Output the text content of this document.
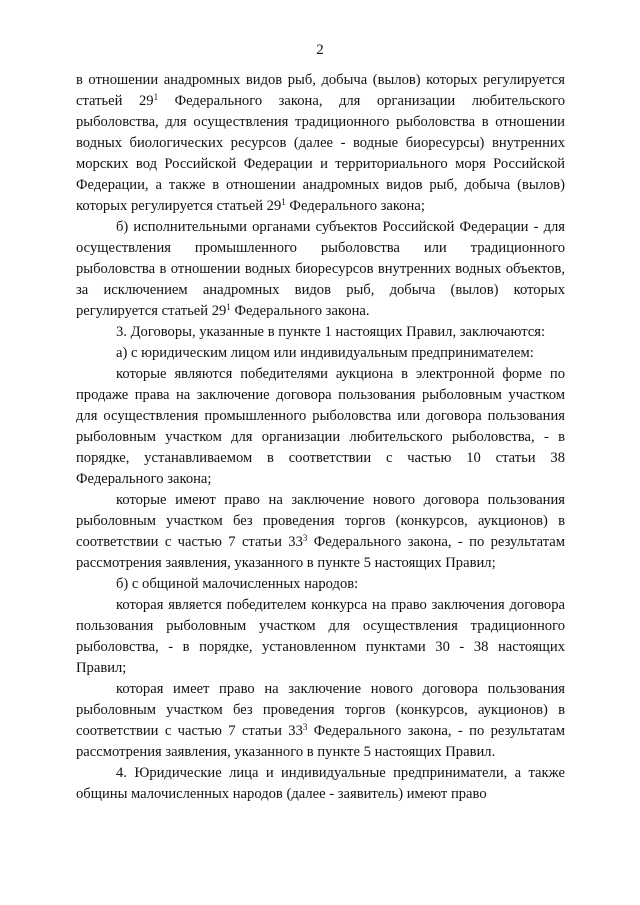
2

в отношении анадромных видов рыб, добыча (вылов) которых регулируется статьей $29^1$ Федерального закона, для организации любительского рыболовства, для осуществления традиционного рыболовства в отношении водных биологических ресурсов (далее - водные биоресурсы) внутренних морских вод Российской Федерации и территориального моря Российской Федерации, а также в отношении анадромных видов рыб, добыча (вылов) которых регулируется статьей $29^1$ Федерального закона;

б) исполнительными органами субъектов Российской Федерации - для осуществления промышленного рыболовства или традиционного рыболовства в отношении водных биоресурсов внутренних водных объектов, за исключением анадромных видов рыб, добыча (вылов) которых регулируется статьей $29^1$ Федерального закона.

3. Договоры, указанные в пункте 1 настоящих Правил, заключаются:

а) с юридическим лицом или индивидуальным предпринимателем:

которые являются победителями аукциона в электронной форме по продаже права на заключение договора пользования рыболовным участком для осуществления промышленного рыболовства или договора пользования рыболовным участком для организации любительского рыболовства, - в порядке, устанавливаемом в соответствии с частью 10 статьи 38 Федерального закона;

которые имеют право на заключение нового договора пользования рыболовным участком без проведения торгов (конкурсов, аукционов) в соответствии с частью 7 статьи $33^3$ Федерального закона, - по результатам рассмотрения заявления, указанного в пункте 5 настоящих Правил;

б) с общиной малочисленных народов:

которая является победителем конкурса на право заключения договора пользования рыболовным участком для осуществления традиционного рыболовства, - в порядке, установленном пунктами 30 - 38 настоящих Правил;

которая имеет право на заключение нового договора пользования рыболовным участком без проведения торгов (конкурсов, аукционов) в соответствии с частью 7 статьи $33^3$ Федерального закона, - по результатам рассмотрения заявления, указанного в пункте 5 настоящих Правил.

4. Юридические лица и индивидуальные предприниматели, а также общины малочисленных народов (далее - заявитель) имеют право
